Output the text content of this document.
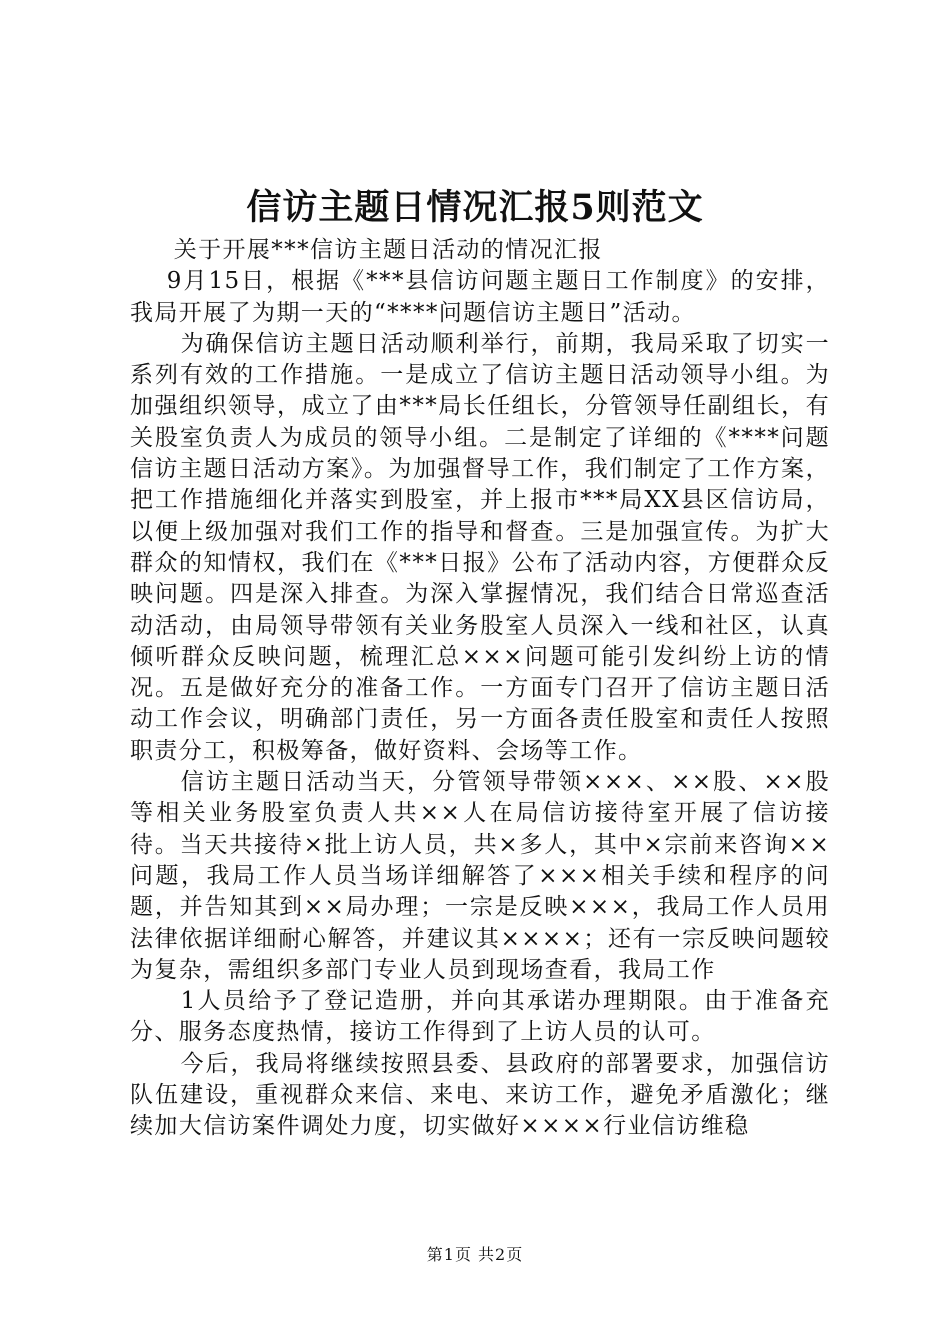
信访主题日情况汇报5则范文

关于开展***信访主题日活动的情况汇报

9月15日，根据《***县信访问题主题日工作制度》的安排，我局开展了为期一天的“****问题信访主题日”活动。

为确保信访主题日活动顺利举行，前期，我局采取了切实一系列有效的工作措施。一是成立了信访主题日活动领导小组。为加强组织领导，成立了由***局长任组长，分管领导任副组长，有关股室负责人为成员的领导小组。二是制定了详细的《****问题信访主题日活动方案》。为加强督导工作，我们制定了工作方案，把工作措施细化并落实到股室，并上报市***局XX县区信访局，以便上级加强对我们工作的指导和督查。三是加强宣传。为扩大群众的知情权，我们在《***日报》公布了活动内容，方便群众反映问题。四是深入排查。为深入掌握情况，我们结合日常巡查活动活动，由局领导带领有关业务股室人员深入一线和社区，认真倾听群众反映问题，梳理汇总×××问题可能引发纠纷上访的情况。五是做好充分的准备工作。一方面专门召开了信访主题日活动工作会议，明确部门责任，另一方面各责任股室和责任人按照职责分工，积极筹备，做好资料、会场等工作。

信访主题日活动当天，分管领导带领×××、××股、××股等相关业务股室负责人共××人在局信访接待室开展了信访接待。当天共接待×批上访人员，共×多人，其中×宗前来咨询××问题，我局工作人员当场详细解答了×××相关手续和程序的问题，并告知其到××局办理；一宗是反映×××，我局工作人员用法律依据详细耐心解答，并建议其××××；还有一宗反映问题较为复杂，需组织多部门专业人员到现场查看，我局工作

1人员给予了登记造册，并向其承诺办理期限。由于准备充分、服务态度热情，接访工作得到了上访人员的认可。

今后，我局将继续按照县委、县政府的部署要求，加强信访队伍建设，重视群众来信、来电、来访工作，避免矛盾激化；继续加大信访案件调处力度，切实做好××××行业信访维稳

第1页 共2页
